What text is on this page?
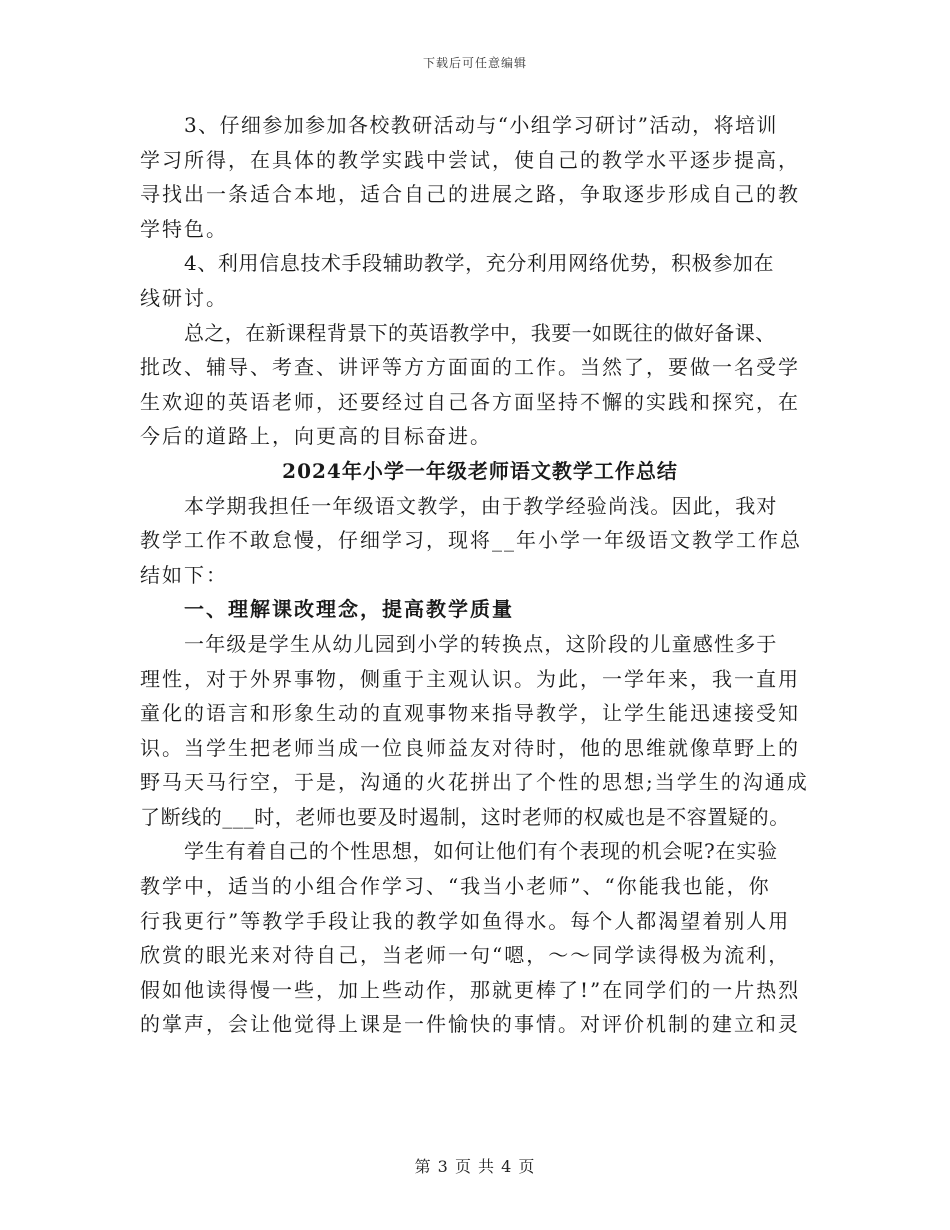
下载后可任意编辑

3、仔细参加参加各校教研活动与“小组学习研讨”活动，将培训
学习所得，在具体的教学实践中尝试，使自己的教学水平逐步提高，
寻找出一条适合本地，适合自己的进展之路，争取逐步形成自己的教
学特色。

4、利用信息技术手段辅助教学，充分利用网络优势，积极参加在
线研讨。

总之，在新课程背景下的英语教学中，我要一如既往的做好备课、
批改、辅导、考查、讲评等方方面面的工作。当然了，要做一名受学
生欢迎的英语老师，还要经过自己各方面坚持不懈的实践和探究，在
今后的道路上，向更高的目标奋进。

2024年小学一年级老师语文教学工作总结

本学期我担任一年级语文教学，由于教学经验尚浅。因此，我对
教学工作不敢怠慢，仔细学习，现将__年小学一年级语文教学工作总
结如下：

一、理解课改理念，提高教学质量

一年级是学生从幼儿园到小学的转换点，这阶段的儿童感性多于
理性，对于外界事物，侧重于主观认识。为此，一学年来，我一直用
童化的语言和形象生动的直观事物来指导教学，让学生能迅速接受知
识。当学生把老师当成一位良师益友对待时，他的思维就像草野上的
野马天马行空，于是，沟通的火花拼出了个性的思想;当学生的沟通成
了断线的___时，老师也要及时遏制，这时老师的权威也是不容置疑的。

学生有着自己的个性思想，如何让他们有个表现的机会呢?在实验
教学中，适当的小组合作学习、“我当小老师”、“你能我也能，你
行我更行”等教学手段让我的教学如鱼得水。每个人都渴望着别人用
欣赏的眼光来对待自己，当老师一句“嗯，～～同学读得极为流利，
假如他读得慢一些，加上些动作，那就更棒了!”在同学们的一片热烈
的掌声，会让他觉得上课是一件愉快的事情。对评价机制的建立和灵

第 3 页 共 4 页
